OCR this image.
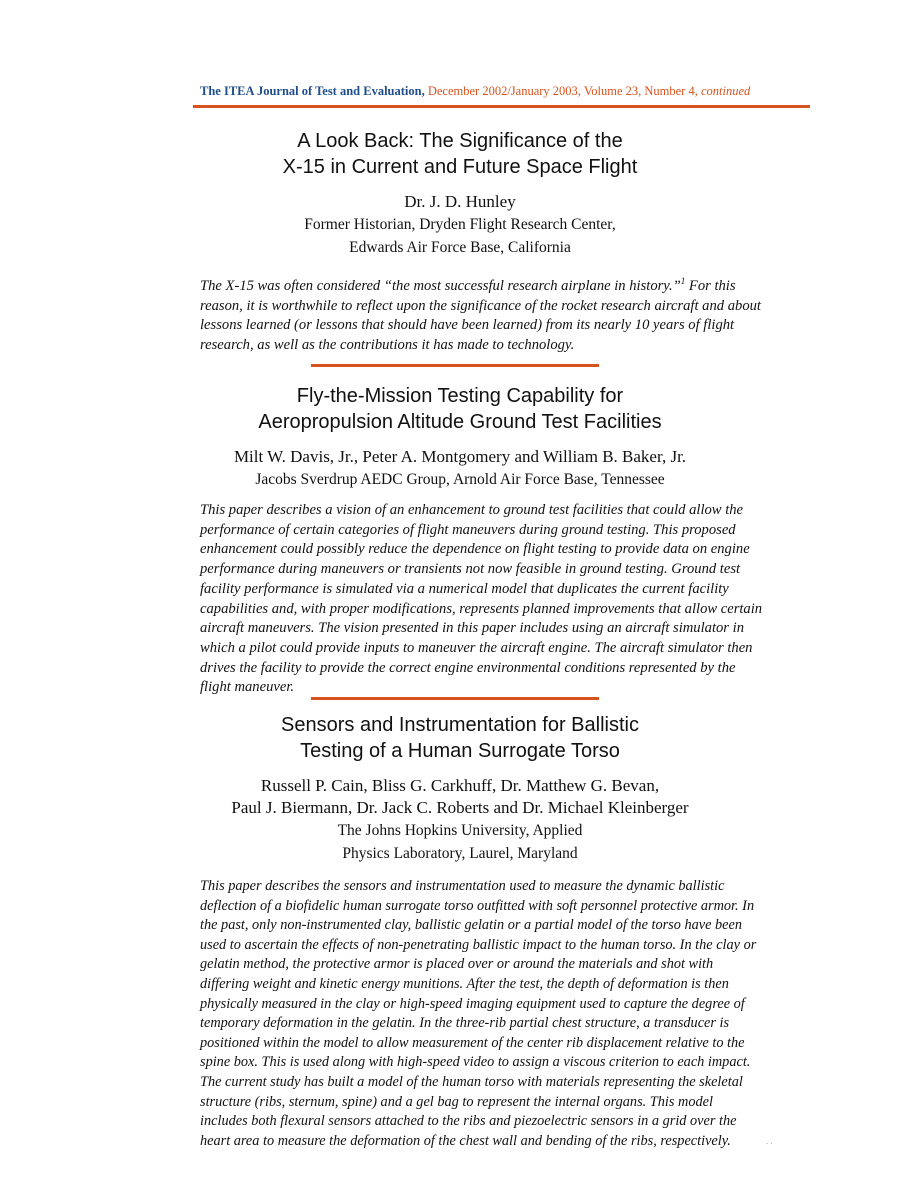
The ITEA Journal of Test and Evaluation, December 2002/January 2003, Volume 23, Number 4, continued
A Look Back: The Significance of the
X-15 in Current and Future Space Flight
Dr. J. D. Hunley
Former Historian, Dryden Flight Research Center,
Edwards Air Force Base, California
The X-15 was often considered “the most successful research airplane in history.”$^1$ For this reason, it is worthwhile to reflect upon the significance of the rocket research aircraft and about lessons learned (or lessons that should have been learned) from its nearly 10 years of flight research, as well as the contributions it has made to technology.
Fly-the-Mission Testing Capability for
Aeropropulsion Altitude Ground Test Facilities
Milt W. Davis, Jr., Peter A. Montgomery and William B. Baker, Jr.
Jacobs Sverdrup AEDC Group, Arnold Air Force Base, Tennessee
This paper describes a vision of an enhancement to ground test facilities that could allow the performance of certain categories of flight maneuvers during ground testing. This proposed enhancement could possibly reduce the dependence on flight testing to provide data on engine performance during maneuvers or transients not now feasible in ground testing. Ground test facility performance is simulated via a numerical model that duplicates the current facility capabilities and, with proper modifications, represents planned improvements that allow certain aircraft maneuvers. The vision presented in this paper includes using an aircraft simulator in which a pilot could provide inputs to maneuver the aircraft engine. The aircraft simulator then drives the facility to provide the correct engine environmental conditions represented by the flight maneuver.
Sensors and Instrumentation for Ballistic
Testing of a Human Surrogate Torso
Russell P. Cain, Bliss G. Carkhuff, Dr. Matthew G. Bevan,
Paul J. Biermann, Dr. Jack C. Roberts and Dr. Michael Kleinberger
The Johns Hopkins University, Applied
Physics Laboratory, Laurel, Maryland
This paper describes the sensors and instrumentation used to measure the dynamic ballistic deflection of a biofidelic human surrogate torso outfitted with soft personnel protective armor. In the past, only non-instrumented clay, ballistic gelatin or a partial model of the torso have been used to ascertain the effects of non-penetrating ballistic impact to the human torso. In the clay or gelatin method, the protective armor is placed over or around the materials and shot with differing weight and kinetic energy munitions. After the test, the depth of deformation is then physically measured in the clay or high-speed imaging equipment used to capture the degree of temporary deformation in the gelatin. In the three-rib partial chest structure, a transducer is positioned within the model to allow measurement of the center rib displacement relative to the spine box. This is used along with high-speed video to assign a viscous criterion to each impact. The current study has built a model of the human torso with materials representing the skeletal structure (ribs, sternum, spine) and a gel bag to represent the internal organs. This model includes both flexural sensors attached to the ribs and piezoelectric sensors in a grid over the heart area to measure the deformation of the chest wall and bending of the ribs, respectively.	· ·
